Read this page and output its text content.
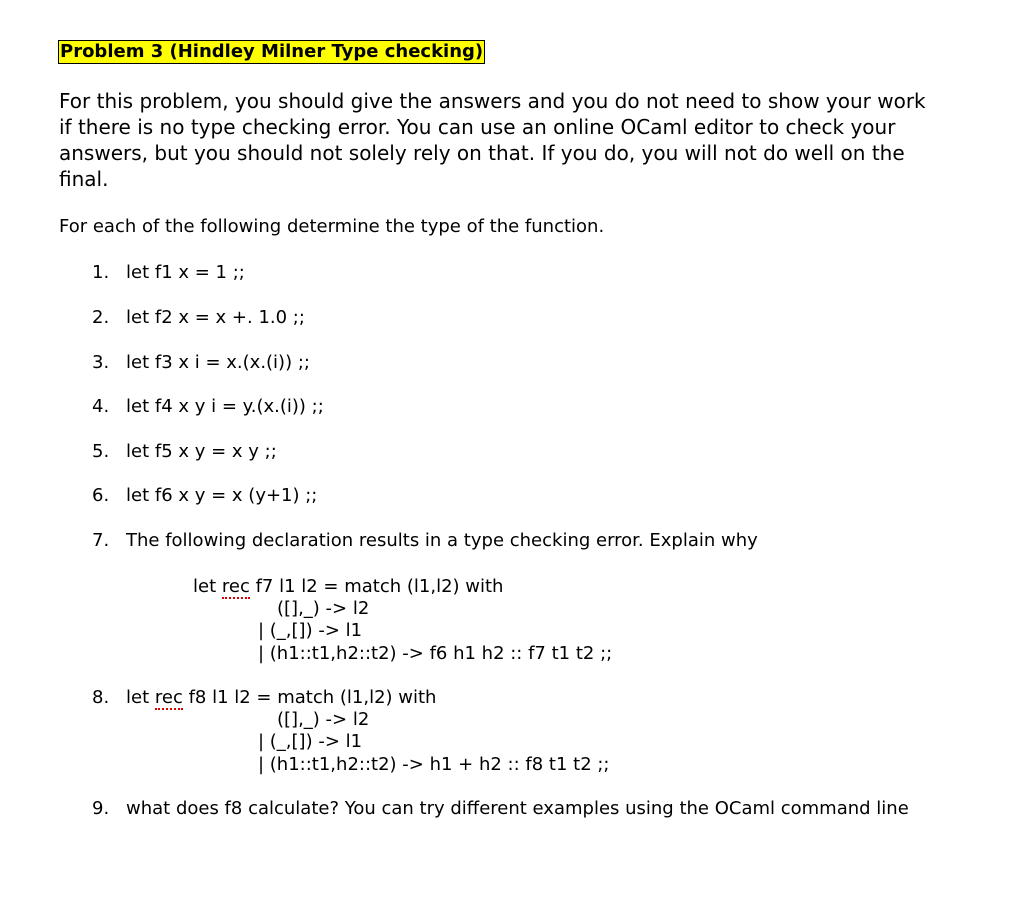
Problem 3 (Hindley Milner Type checking)
For this problem, you should give the answers and you do not need to show your work
if there is no type checking error. You can use an online OCaml editor to check your
answers, but you should not solely rely on that. If you do, you will not do well on the
final.
For each of the following determine the type of the function.
1. let f1 x = 1 ;;
2. let f2 x = x +. 1.0 ;;
3. let f3 x i = x.(x.(i)) ;;
4. let f4 x y i = y.(x.(i)) ;;
5. let f5 x y = x y ;;
6. let f6 x y = x (y+1) ;;
7. The following declaration results in a type checking error. Explain why
let rec f7 l1 l2 = match (l1,l2) with
([],_) -> l2
| (_,[]) -> l1
| (h1::t1,h2::t2) -> f6 h1 h2 :: f7 t1 t2 ;;
8. let rec f8 l1 l2 = match (l1,l2) with
([],_) -> l2
| (_,[]) -> l1
| (h1::t1,h2::t2) -> h1 + h2 :: f8 t1 t2 ;;
9. what does f8 calculate? You can try different examples using the OCaml command line
